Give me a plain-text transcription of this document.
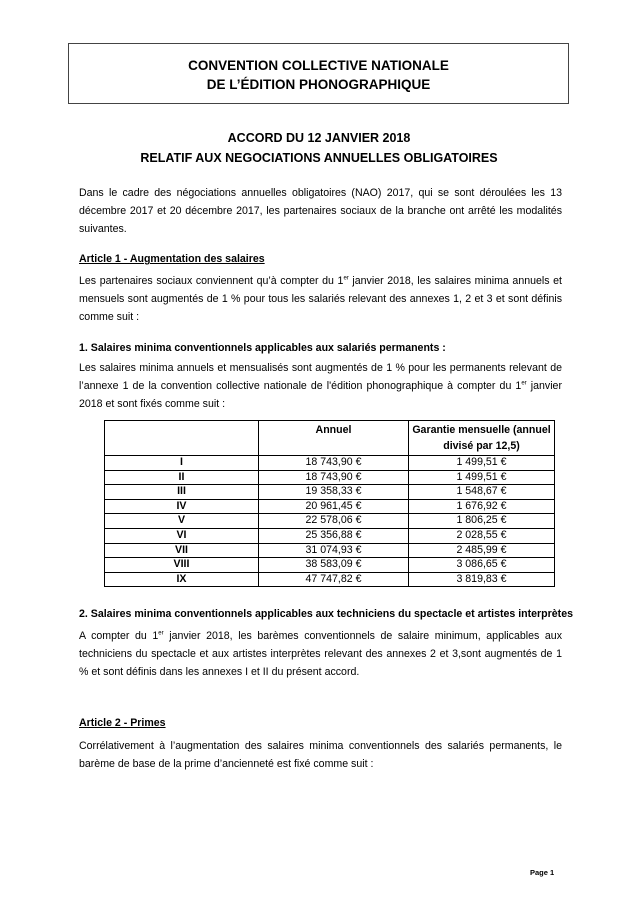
CONVENTION COLLECTIVE NATIONALE
DE L’ÉDITION PHONOGRAPHIQUE
ACCORD DU 12 JANVIER 2018
RELATIF AUX NEGOCIATIONS ANNUELLES OBLIGATOIRES
Dans le cadre des négociations annuelles obligatoires (NAO) 2017, qui se sont déroulées les 13 décembre 2017 et 20 décembre 2017, les partenaires sociaux de la branche ont arrêté les modalités suivantes.
Article 1 - Augmentation des salaires
Les partenaires sociaux conviennent qu’à compter du 1er janvier 2018, les salaires minima annuels et mensuels sont augmentés de 1 % pour tous les salariés relevant des annexes 1, 2 et 3 et sont définis comme suit :
1. Salaires minima conventionnels applicables aux salariés permanents :
Les salaires minima annuels et mensualisés sont augmentés de 1 % pour les permanents relevant de l’annexe 1 de la convention collective nationale de l'édition phonographique à compter du 1er janvier 2018 et sont fixés comme suit :
	Annuel	Garantie mensuelle (annuel divisé par 12,5)
I	18 743,90 €	1 499,51 €
II	18 743,90 €	1 499,51 €
III	19 358,33 €	1 548,67 €
IV	20 961,45 €	1 676,92 €
V	22 578,06 €	1 806,25 €
VI	25 356,88 €	2 028,55 €
VII	31 074,93 €	2 485,99 €
VIII	38 583,09 €	3 086,65 €
IX	47 747,82 €	3 819,83 €
2. Salaires minima conventionnels applicables aux techniciens du spectacle et artistes interprètes
A compter du 1er janvier 2018, les barèmes conventionnels de salaire minimum, applicables aux techniciens du spectacle et aux artistes interprètes relevant des annexes 2 et 3,sont augmentés de 1 % et sont définis dans les annexes I et II du présent accord.
Article 2 - Primes
Corrélativement à l’augmentation des salaires minima conventionnels des salariés permanents, le barème de base de la prime d’ancienneté est fixé comme suit :
Page 1
